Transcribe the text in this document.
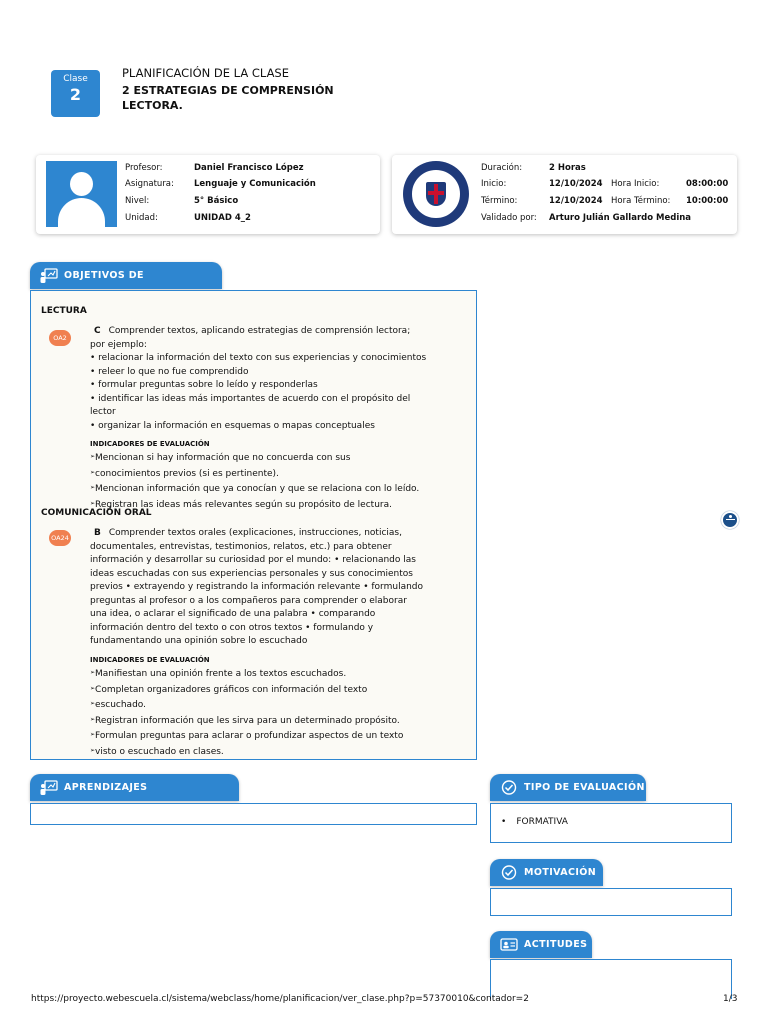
Clase
2
PLANIFICACIÓN DE LA CLASE
2 ESTRATEGIAS DE COMPRENSIÓN LECTORA.
Profesor:	Daniel Francisco López
Asignatura: Lenguaje y Comunicación
Nivel:	5° Básico
Unidad:	UNIDAD 4_2
Duración:	2 Horas
Inicio:	12/10/2024 Hora Inicio:	08:00:00
Término:	12/10/2024 Hora Término: 10:00:00
Validado por: Arturo Julián Gallardo Medina
OBJETIVOS DE
LECTURA
OA2
C Comprender textos, aplicando estrategias de comprensión lectora;
por ejemplo:
• relacionar la información del texto con sus experiencias y conocimientos
• releer lo que no fue comprendido
• formular preguntas sobre lo leído y responderlas
• identificar las ideas más importantes de acuerdo con el propósito del
lector
• organizar la información en esquemas o mapas conceptuales
INDICADORES DE EVALUACIÓN
➢ Mencionan si hay información que no concuerda con sus
➢ conocimientos previos (si es pertinente).
➢ Mencionan información que ya conocían y que se relaciona con lo leído.
➢ Registran las ideas más relevantes según su propósito de lectura.
COMUNICACIÓN ORAL
OA24	B Comprender textos orales (explicaciones, instrucciones, noticias,
documentales, entrevistas, testimonios, relatos, etc.) para obtener
información y desarrollar su curiosidad por el mundo: • relacionando las
ideas escuchadas con sus experiencias personales y sus conocimientos
previos • extrayendo y registrando la información relevante • formulando
preguntas al profesor o a los compañeros para comprender o elaborar
una idea, o aclarar el significado de una palabra • comparando
información dentro del texto o con otros textos • formulando y
fundamentando una opinión sobre lo escuchado
INDICADORES DE EVALUACIÓN
➢ Manifiestan una opinión frente a los textos escuchados.
➢ Completan organizadores gráficos con información del texto
➢ escuchado.
➢ Registran información que les sirva para un determinado propósito.
➢ Formulan preguntas para aclarar o profundizar aspectos de un texto
➢ visto o escuchado en clases.
APRENDIZAJES	TIPO DE EVALUACIÓN
• FORMATIVA
MOTIVACIÓN
ACTITUDES
https://proyecto.webescuela.cl/sistema/webclass/home/planificacion/ver_clase.php?p=57370010&contador=2	1/3
